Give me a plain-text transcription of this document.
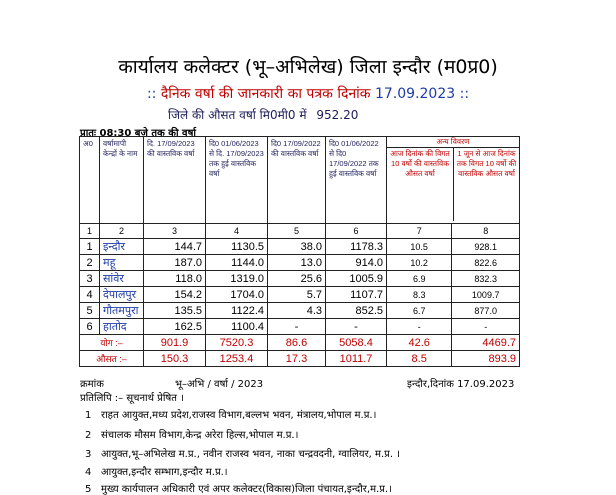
कार्यालय कलेक्टर (भू–अभिलेख) जिला इन्दौर (म0प्र0)
:: दैनिक वर्षा की जानकारी का पत्रक दिनांक 17.09.2023 ::
जिले की औसत वर्षा मि0मी0 में 952.20
प्रातः 08:30 बजे तक की वर्षा
अ0	वर्षामापी केन्द्रों के नाम	दि. 17/09/2023 की वास्तविक वर्षा	दि0 01/06/2023 से दि. 17/09/2023 तक हुई वास्तविक वर्षा	दि0 17/09/2022 की वास्तविक वर्षा	दि0 01/06/2022 से दि0 17/09/2022 तक हुई वास्तविक वर्षा	अन्य विवरण
आज दिनांक की विगत 10 वर्षो की वास्तविक औसत वर्षा
1 जून से आज दिनांक तक विगत 10 वर्षो की वास्तविक औसत वर्षा	

1	2	3	4	5	6	7	8
1	इन्दौर	144.7	1130.5	38.0	1178.3	10.5	928.1
2	महू	187.0	1144.0	13.0	914.0	10.2	822.6
3	सांवेर	118.0	1319.0	25.6	1005.9	6.9	832.3
4	देपालपुर	154.2	1704.0	5.7	1107.7	8.3	1009.7
5	गौतमपुरा	135.5	1122.4	4.3	852.5	6.7	877.0
6	हातोद	162.5	1100.4	-	-	-	-
योग :–		901.9	7520.3	86.6	5058.4	42.6	4469.7
औसत :–		150.3	1253.4	17.3	1011.7	8.5	893.9
क्रमांक	भू–अभि / वर्षा / 2023	इन्दौर,दिनांक 17.09.2023
प्रतिलिपि :– सूचनार्थ प्रेषित ।
1 राहत आयुक्त,मध्य प्रदेश,राजस्व विभाग,बल्लभ भवन, मंत्रालय,भोपाल म.प्र.।
2 संचालक मौसम विभाग,केन्द्र अरेरा हिल्स,भोपाल म.प्र.।
3 आयुक्त,भू–अभिलेख म.प्र., नवीन राजस्व भवन, नाका चन्द्रवदनी, ग्वालियर, म.प्र. ।
4 आयुक्त,इन्दौर सम्भाग,इन्दौर म.प्र.।
5 मुख्य कार्यपालन अधिकारी एवं अपर कलेक्टर(विकास)जिला पंचायत,इन्दौर,म.प्र.।
